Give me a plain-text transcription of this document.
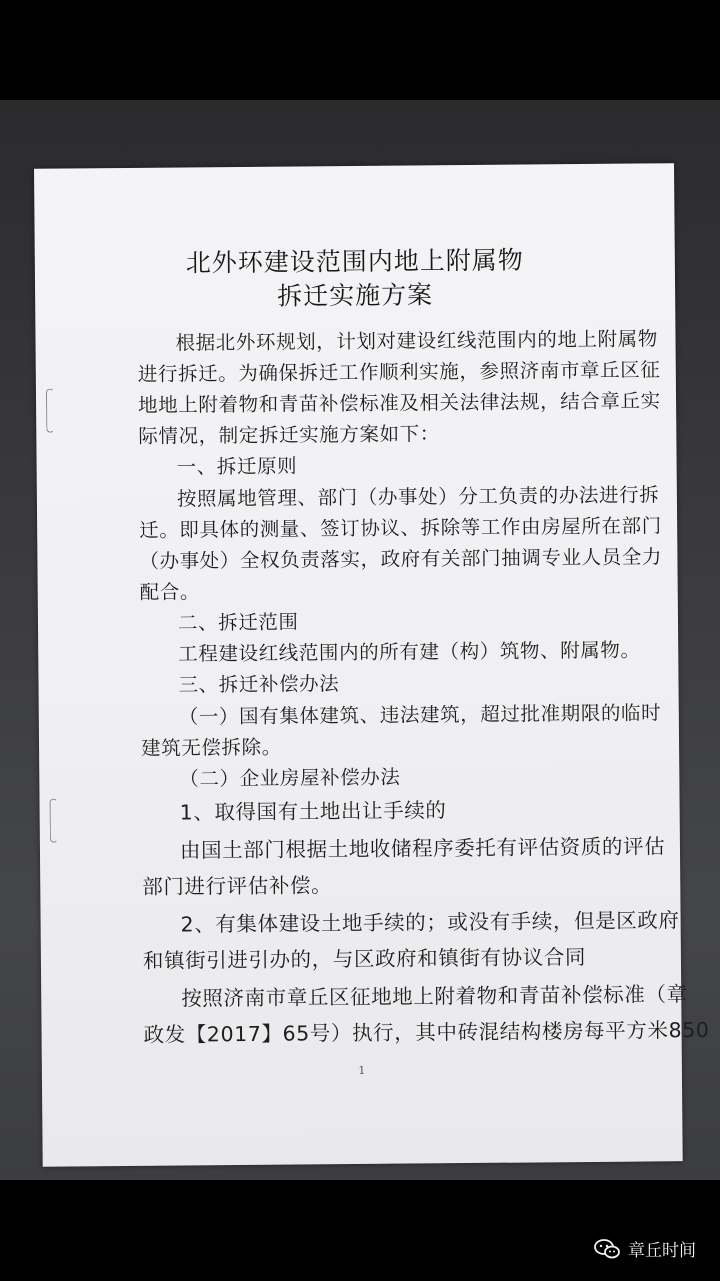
北外环建设范围内地上附属物
拆迁实施方案
根据北外环规划，计划对建设红线范围内的地上附属物
进行拆迁。为确保拆迁工作顺利实施，参照济南市章丘区征
地地上附着物和青苗补偿标准及相关法律法规，结合章丘实
际情况，制定拆迁实施方案如下：
一、拆迁原则
按照属地管理、部门（办事处）分工负责的办法进行拆
迁。即具体的测量、签订协议、拆除等工作由房屋所在部门
（办事处）全权负责落实，政府有关部门抽调专业人员全力
配合。
二、拆迁范围
工程建设红线范围内的所有建（构）筑物、附属物。
三、拆迁补偿办法
（一）国有集体建筑、违法建筑，超过批准期限的临时
建筑无偿拆除。
（二）企业房屋补偿办法
1、取得国有土地出让手续的
由国土部门根据土地收储程序委托有评估资质的评估
部门进行评估补偿。
2、有集体建设土地手续的；或没有手续，但是区政府
和镇街引进引办的，与区政府和镇街有协议合同
按照济南市章丘区征地地上附着物和青苗补偿标准（章
政发【2017】65号）执行，其中砖混结构楼房每平方米850
1
章丘时间
